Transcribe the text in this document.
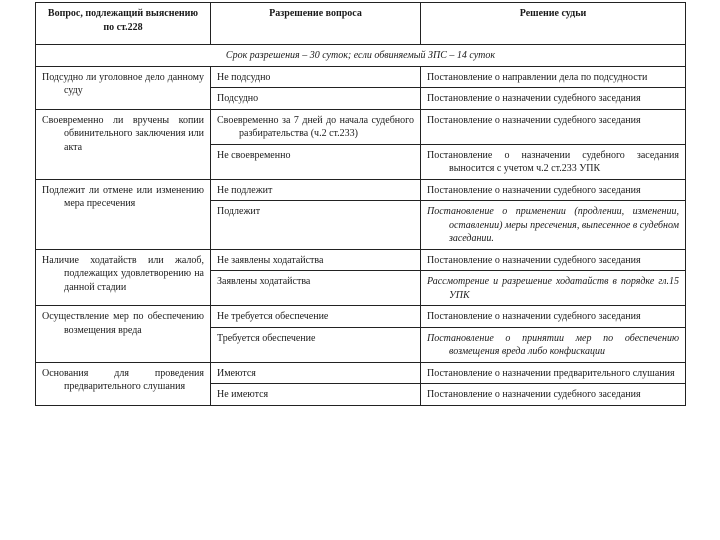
Вопрос, подлежащий выяснению по ст.228	Разрешение вопроса	Решение судьи
Срок разрешения – 30 суток; если обвиняемый ЗПС – 14 суток		

Подсудно ли уголовное дело данному суду	Не подсудно	Постановление о направлении дела по подсудности

	Подсудно	Постановление о назначении судебного заседания

Своевременно ли вручены копии обвинительного заключения или акта	Своевременно за 7 дней до начала судебного разбирательства (ч.2 ст.233)	Постановление о назначении судебного заседания

	Не своевременно	Постановление о назначении судебного заседания выносится с учетом ч.2 ст.233 УПК

Подлежит ли отмене или изменению мера пресечения	Не подлежит	Постановление о назначении судебного заседания

	Подлежит	Постановление о применении (продлении, изменении, оставлении) меры пресечения, выпесенное в судебном заседании.

Наличие ходатайств или жалоб, подлежащих удовлетворению на данной стадии	Не заявлены ходатайства	Постановление о назначении судебного заседания

	Заявлены ходатайства	Рассмотрение и разрешение ходатайств в порядке гл.15 УПК

Осуществление мер по обеспечению возмещения вреда	Не требуется обеспечение	Постановление о назначении судебного заседания

	Требуется обеспечение	Постановление о принятии мер по обеспечению возмещения вреда либо конфискации

Основания для проведения предварительного слушания	Имеются	Постановление о назначении предварительного слушания

	Не имеются	Постановление о назначении судебного заседания
